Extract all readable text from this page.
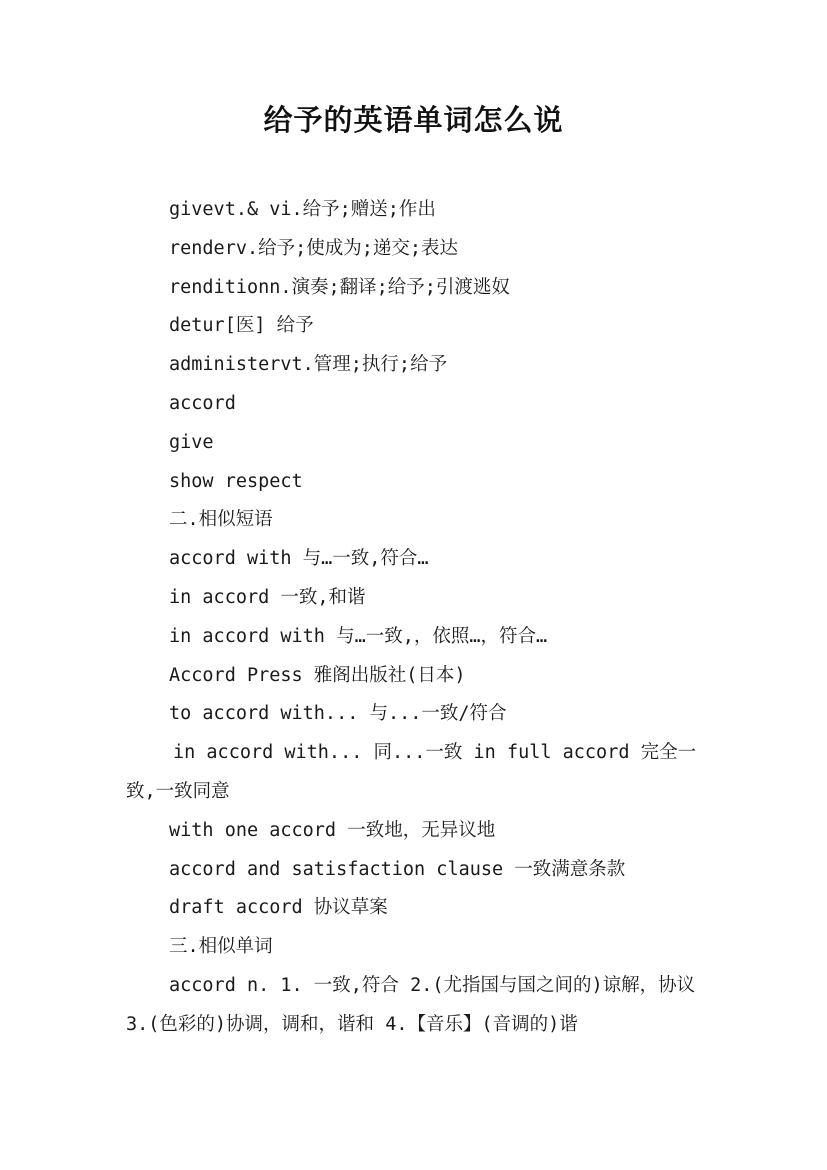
给予的英语单词怎么说

givevt.& vi.给予;赠送;作出

renderv.给予;使成为;递交;表达

renditionn.演奏;翻译;给予;引渡逃奴

detur[医] 给予

administervt.管理;执行;给予

accord

give

show respect

二.相似短语

accord with 与…一致,符合…

in accord 一致,和谐

in accord with 与…一致,，依照…，符合…

Accord Press 雅阁出版社(日本)

to accord with... 与...一致/符合

in accord with... 同...一致 in full accord 完全一致,一致同意

with one accord 一致地，无异议地

accord and satisfaction clause 一致满意条款

draft accord 协议草案

三.相似单词

accord n. 1. 一致,符合 2.(尤指国与国之间的)谅解，协议 3.(色彩的)协调，调和，谐和 4.【音乐】(音调的)谐
